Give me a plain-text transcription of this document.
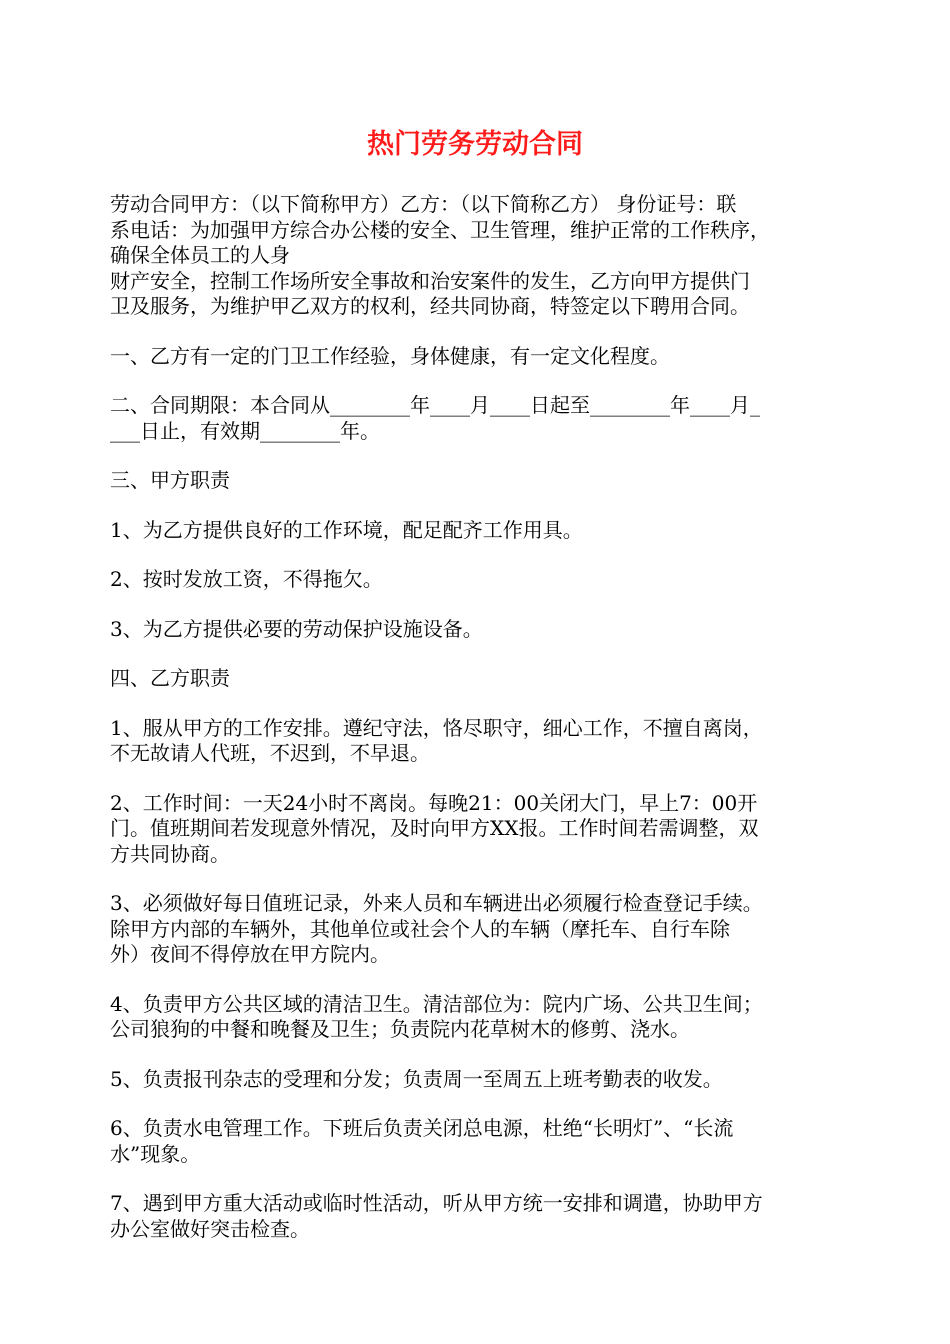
热门劳务劳动合同

劳动合同甲方：（以下简称甲方）乙方：（以下简称乙方） 身份证号：联
系电话：为加强甲方综合办公楼的安全、卫生管理，维护正常的工作秩序，
确保全体员工的人身
财产安全，控制工作场所安全事故和治安案件的发生，乙方向甲方提供门
卫及服务，为维护甲乙双方的权利，经共同协商，特签定以下聘用合同。

一、乙方有一定的门卫工作经验，身体健康，有一定文化程度。

二、合同期限：本合同从________年____月____日起至________年____月_
___日止，有效期________年。

三、甲方职责

1、为乙方提供良好的工作环境，配足配齐工作用具。

2、按时发放工资，不得拖欠。

3、为乙方提供必要的劳动保护设施设备。

四、乙方职责

1、服从甲方的工作安排。遵纪守法，恪尽职守，细心工作，不擅自离岗，
不无故请人代班，不迟到，不早退。

2、工作时间：一天24小时不离岗。每晚21：00关闭大门，早上7：00开
门。值班期间若发现意外情况，及时向甲方XX报。工作时间若需调整，双
方共同协商。

3、必须做好每日值班记录，外来人员和车辆进出必须履行检查登记手续。
除甲方内部的车辆外，其他单位或社会个人的车辆（摩托车、自行车除
外）夜间不得停放在甲方院内。

4、负责甲方公共区域的清洁卫生。清洁部位为：院内广场、公共卫生间；
公司狼狗的中餐和晚餐及卫生；负责院内花草树木的修剪、浇水。

5、负责报刊杂志的受理和分发；负责周一至周五上班考勤表的收发。

6、负责水电管理工作。下班后负责关闭总电源，杜绝“长明灯”、“长流
水”现象。

7、遇到甲方重大活动或临时性活动，听从甲方统一安排和调遣，协助甲方
办公室做好突击检查。
